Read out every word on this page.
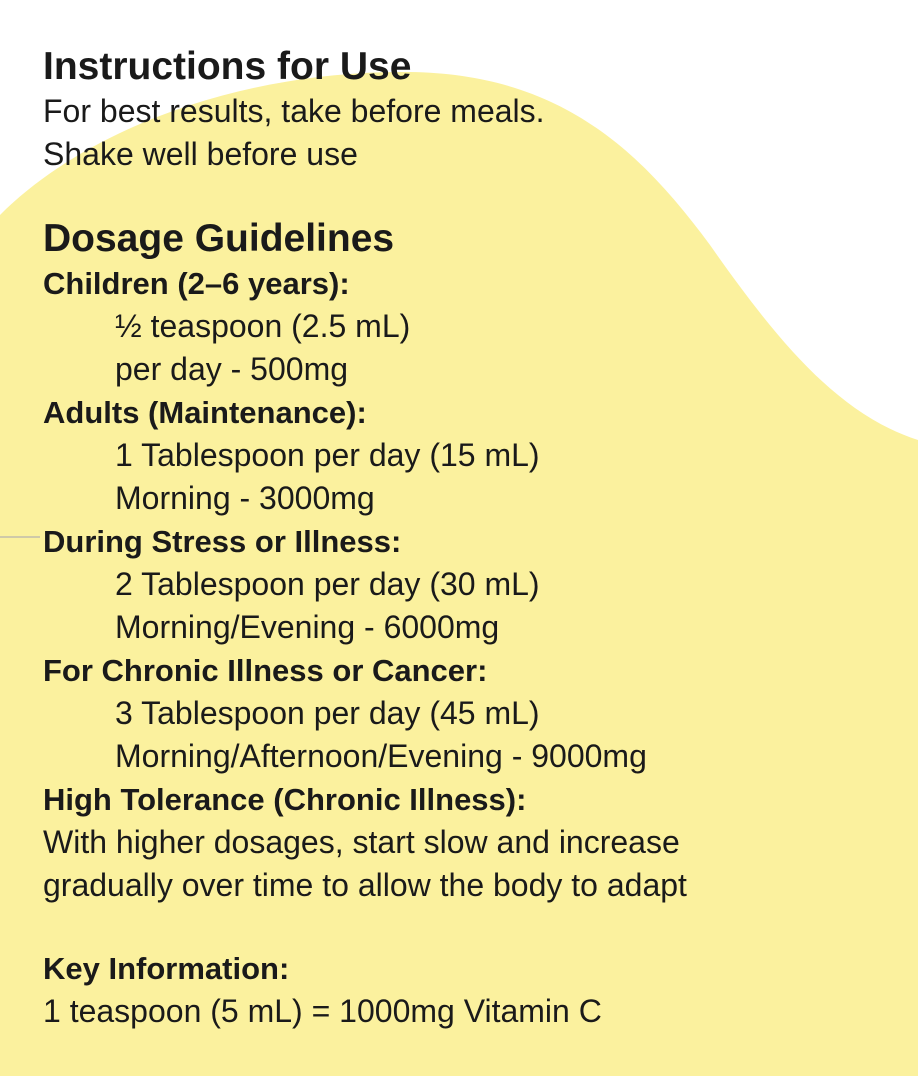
Instructions for Use
For best results, take before meals.
Shake well before use
Dosage Guidelines
Children (2–6 years):
½ teaspoon (2.5 mL)
per day - 500mg
Adults (Maintenance):
1 Tablespoon per day (15 mL)
Morning - 3000mg
During Stress or Illness:
2 Tablespoon per day (30 mL)
Morning/Evening - 6000mg
For Chronic Illness or Cancer:
3 Tablespoon per day (45 mL)
Morning/Afternoon/Evening - 9000mg
High Tolerance (Chronic Illness):
With higher dosages, start slow and increase
gradually over time to allow the body to adapt
Key Information:
1 teaspoon (5 mL) = 1000mg Vitamin C
